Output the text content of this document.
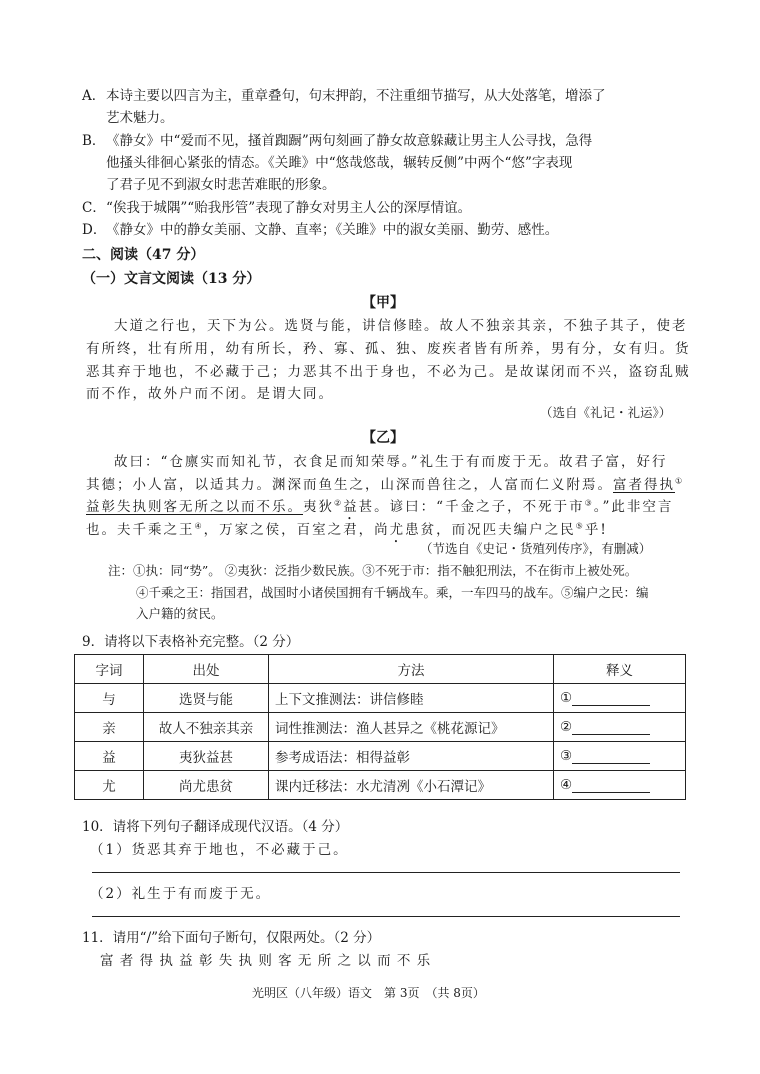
A． 本诗主要以四言为主，重章叠句，句末押韵，不注重细节描写，从大处落笔，增添了
艺术魅力。
B． 《静女》中“爱而不见，搔首踟蹰”两句刻画了静女故意躲藏让男主人公寻找，急得
他搔头徘徊心紧张的情态。《关雎》中“悠哉悠哉，辗转反侧”中两个“悠”字表现
了君子见不到淑女时悲苦难眠的形象。
C． “俟我于城隅”“贻我彤管”表现了静女对男主人公的深厚情谊。
D． 《静女》中的静女美丽、文静、直率；《关雎》中的淑女美丽、勤劳、感性。
二、阅读（47 分）
（一）文言文阅读（13 分）
【甲】
大道之行也，天下为公。选贤与能，讲信修睦。故人不独亲其亲，不独子其子，使老
有所终，壮有所用，幼有所长，矜、寡、孤、独、废疾者皆有所养，男有分，女有归。货
恶其弃于地也，不必藏于己；力恶其不出于身也，不必为己。是故谋闭而不兴，盗窃乱贼
而不作，故外户而不闭。是谓大同。
（选自《礼记・礼运》）
【乙】
故曰：“仓廪实而知礼节，衣食足而知荣辱。”礼生于有而废于无。故君子富，好行
其德；小人富，以适其力。渊深而鱼生之，山深而兽往之，人富而仁义附焉。富者得执①
益彰失执则客无所之以而不乐。夷狄②益甚。谚曰：“千金之子，不死于市③。”此非空言
也。夫千乘之王④，万家之侯，百室之君，尚尤患贫，而况匹夫编户之民⑤乎!
（节选自《史记・货殖列传序》，有删减）
注：①执：同“势”。 ②夷狄：泛指少数民族。③不死于市：指不触犯刑法，不在街市上被处死。
④千乘之王：指国君，战国时小诸侯国拥有千辆战车。乘，一车四马的战车。⑤编户之民：编
入户籍的贫民。
9．请将以下表格补充完整。（2 分）
字词	出处	方法	释义
与	选贤与能	上下文推测法：讲信修睦	①
亲	故人不独亲其亲	词性推测法：渔人甚异之《桃花源记》	②
益	夷狄益甚	参考成语法：相得益彰	③
尤	尚尤患贫	课内迁移法：水尤清冽《小石潭记》	④
10．请将下列句子翻译成现代汉语。（4 分）
（1）货恶其弃于地也，不必藏于己。
（2）礼生于有而废于无。
11．请用“/”给下面句子断句，仅限两处。（2 分）
富 者 得 执 益 彰 失 执 则 客 无 所 之 以 而 不 乐
光明区（八年级）语文　第 3页　（共 8页）
